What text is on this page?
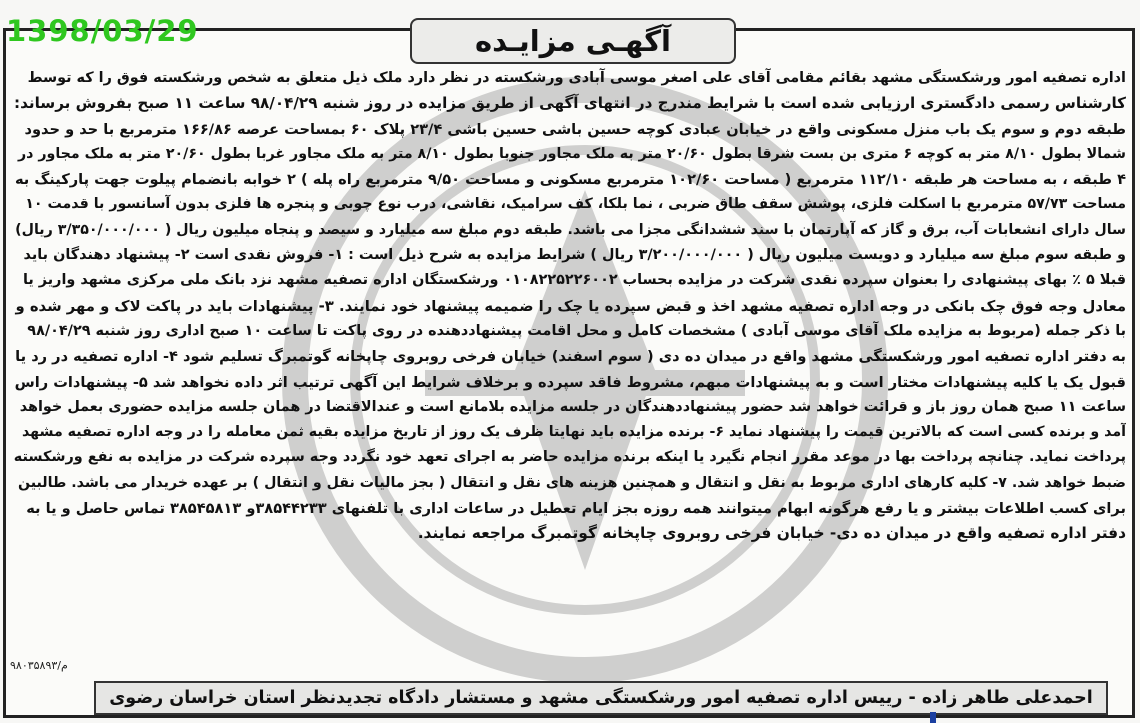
1398/03/29	آگهـی مزایـده
اداره تصفیه امور ورشکستگی مشهد بقائم مقامی آقای علی اصغر موسی آبادی ورشکسته در نظر دارد ملک ذیل متعلق به شخص ورشکسته فوق را که توسط
کارشناس رسمی دادگستری ارزیابی شده است با شرایط مندرج در انتهای آگهی از طریق مزایده در روز شنبه ۹۸/۰۴/۲۹ ساعت ۱۱ صبح بفروش برساند:
طبقه دوم و سوم یک باب منزل مسکونی واقع در خیابان عبادی کوچه حسین باشی حسین باشی ۲۳/۴ پلاک ۶۰ بمساحت عرصه ۱۶۶/۸۶ مترمربع با حد و حدود
شمالا بطول ۸/۱۰ متر به کوچه ۶ متری بن بست شرقا بطول ۲۰/۶۰ متر به ملک مجاور جنوبا بطول ۸/۱۰ متر به ملک مجاور غربا بطول ۲۰/۶۰ متر به ملک مجاور در
۴ طبقه ، به مساحت هر طبقه ۱۱۲/۱۰ مترمربع ( مساحت ۱۰۲/۶۰ مترمربع مسکونی و مساحت ۹/۵۰ مترمربع راه پله ) ۲ خوابه بانضمام پیلوت جهت پارکینگ به
مساحت ۵۷/۷۳ مترمربع با اسکلت فلزی، پوشش سقف طاق ضربی ، نما بلکا، کف سرامیک، نقاشی، درب نوع چوبی و پنجره ها فلزی بدون آسانسور با قدمت ۱۰
سال دارای انشعابات آب، برق و گاز که آپارتمان با سند ششدانگی مجزا می باشد. طبقه دوم مبلغ سه میلیارد و سیصد و پنجاه میلیون ریال ( ۳/۳۵۰/۰۰۰/۰۰۰ ریال)
و طبقه سوم مبلغ سه میلیارد و دویست میلیون ریال ( ۳/۲۰۰/۰۰۰/۰۰۰ ریال ) شرایط مزایده به شرح ذیل است : ۱- فروش نقدی است ۲- پیشنهاد دهندگان باید
قبلا ۵ ٪ بهای پیشنهادی را بعنوان سپرده نقدی شرکت در مزایده بحساب ۰۱۰۸۲۲۵۲۲۶۰۰۲ ورشکستگان اداره تصفیه مشهد نزد بانک ملی مرکزی مشهد واریز یا
معادل وجه فوق چک بانکی در وجه اداره تصفیه مشهد اخذ و قبض سپرده یا چک را ضمیمه پیشنهاد خود نمایند. ۳- پیشنهادات باید در پاکت لاک و مهر شده و
با ذکر جمله (مربوط به مزایده ملک آقای موسی آبادی ) مشخصات کامل و محل اقامت پیشنهاددهنده در روی پاکت تا ساعت ۱۰ صبح اداری روز شنبه ۹۸/۰۴/۲۹
به دفتر اداره تصفیه امور ورشکستگی مشهد واقع در میدان ده دی ( سوم اسفند) خیابان فرخی روبروی چاپخانه گوتمبرگ تسلیم شود ۴- اداره تصفیه در رد یا
قبول یک یا کلیه پیشنهادات مختار است و به پیشنهادات مبهم، مشروط فاقد سپرده و برخلاف شرایط این آگهی ترتیب اثر داده نخواهد شد ۵- پیشنهادات راس
ساعت ۱۱ صبح همان روز باز و قرائت خواهد شد حضور پیشنهاددهندگان در جلسه مزایده بلامانع است و عندالاقتضا در همان جلسه مزایده حضوری بعمل خواهد
آمد و برنده کسی است که بالاترین قیمت را پیشنهاد نماید ۶- برنده مزایده باید نهایتا ظرف یک روز از تاریخ مزایده بقیه ثمن معامله را در وجه اداره تصفیه مشهد
پرداخت نماید. چنانچه پرداخت بها در موعد مقرر انجام نگیرد یا اینکه برنده مزایده حاضر به اجرای تعهد خود نگردد وجه سپرده شرکت در مزایده به نفع ورشکسته
ضبط خواهد شد. ۷- کلیه کارهای اداری مربوط به نقل و انتقال و همچنین هزینه های نقل و انتقال ( بجز مالیات نقل و انتقال ) بر عهده خریدار می باشد. طالبین
برای کسب اطلاعات بیشتر و یا رفع هرگونه ابهام میتوانند همه روزه بجز ایام تعطیل در ساعات اداری با تلفنهای ۳۸۵۴۴۲۳۳و ۳۸۵۴۵۸۱۳ تماس حاصل و یا به
دفتر اداره تصفیه واقع در میدان ده دی- خیابان فرخی روبروی چاپخانه گوتمبرگ مراجعه نمایند.
م/۹۸۰۳۵۸۹۳
احمدعلی طاهر زاده - رییس اداره تصفیه امور ورشکستگی مشهد و مستشار دادگاه تجدیدنظر استان خراسان رضوی
